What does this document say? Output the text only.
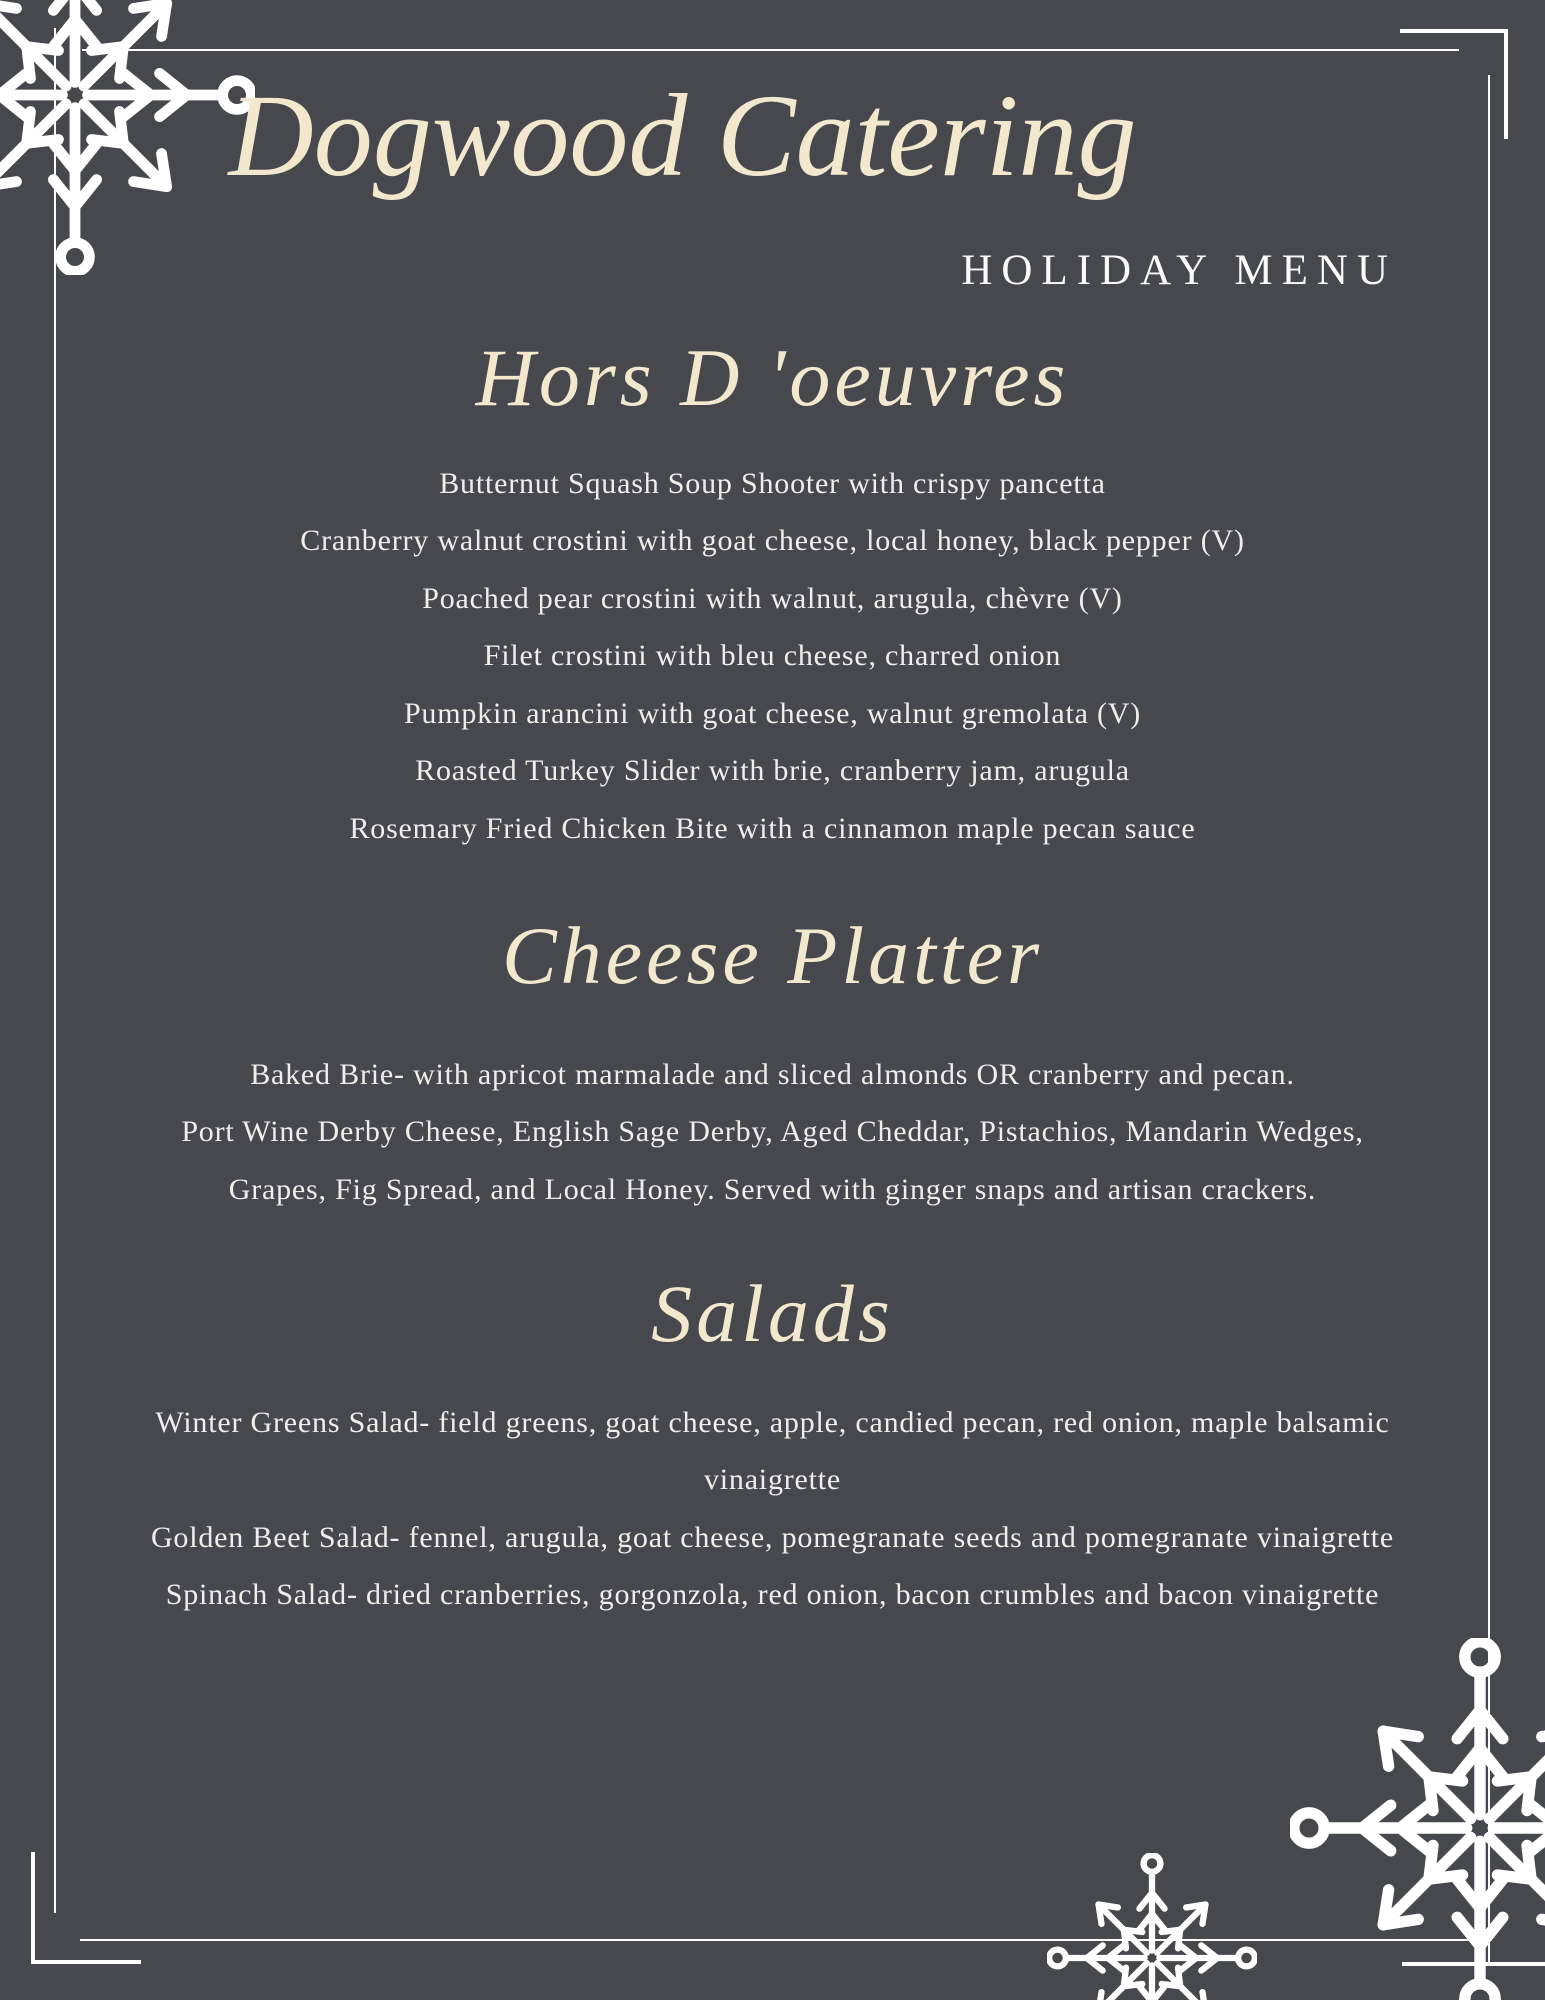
Dogwood Catering
HOLIDAY MENU
Hors D 'oeuvres
Butternut Squash Soup Shooter with crispy pancetta
Cranberry walnut crostini with goat cheese, local honey, black pepper (V)
Poached pear crostini with walnut, arugula, chèvre (V)
Filet crostini with bleu cheese, charred onion
Pumpkin arancini with goat cheese, walnut gremolata (V)
Roasted Turkey Slider with brie, cranberry jam, arugula
Rosemary Fried Chicken Bite with a cinnamon maple pecan sauce
Cheese Platter

Baked Brie- with apricot marmalade and sliced almonds OR cranberry and pecan.

Port Wine Derby Cheese, English Sage Derby, Aged Cheddar, Pistachios, Mandarin Wedges, Grapes, Fig Spread, and Local Honey. Served with ginger snaps and artisan crackers.

Salads

Winter Greens Salad- field greens, goat cheese, apple, candied pecan, red onion, maple balsamic vinaigrette

Golden Beet Salad- fennel, arugula, goat cheese, pomegranate seeds and pomegranate vinaigrette

Spinach Salad- dried cranberries, gorgonzola, red onion, bacon crumbles and bacon vinaigrette
